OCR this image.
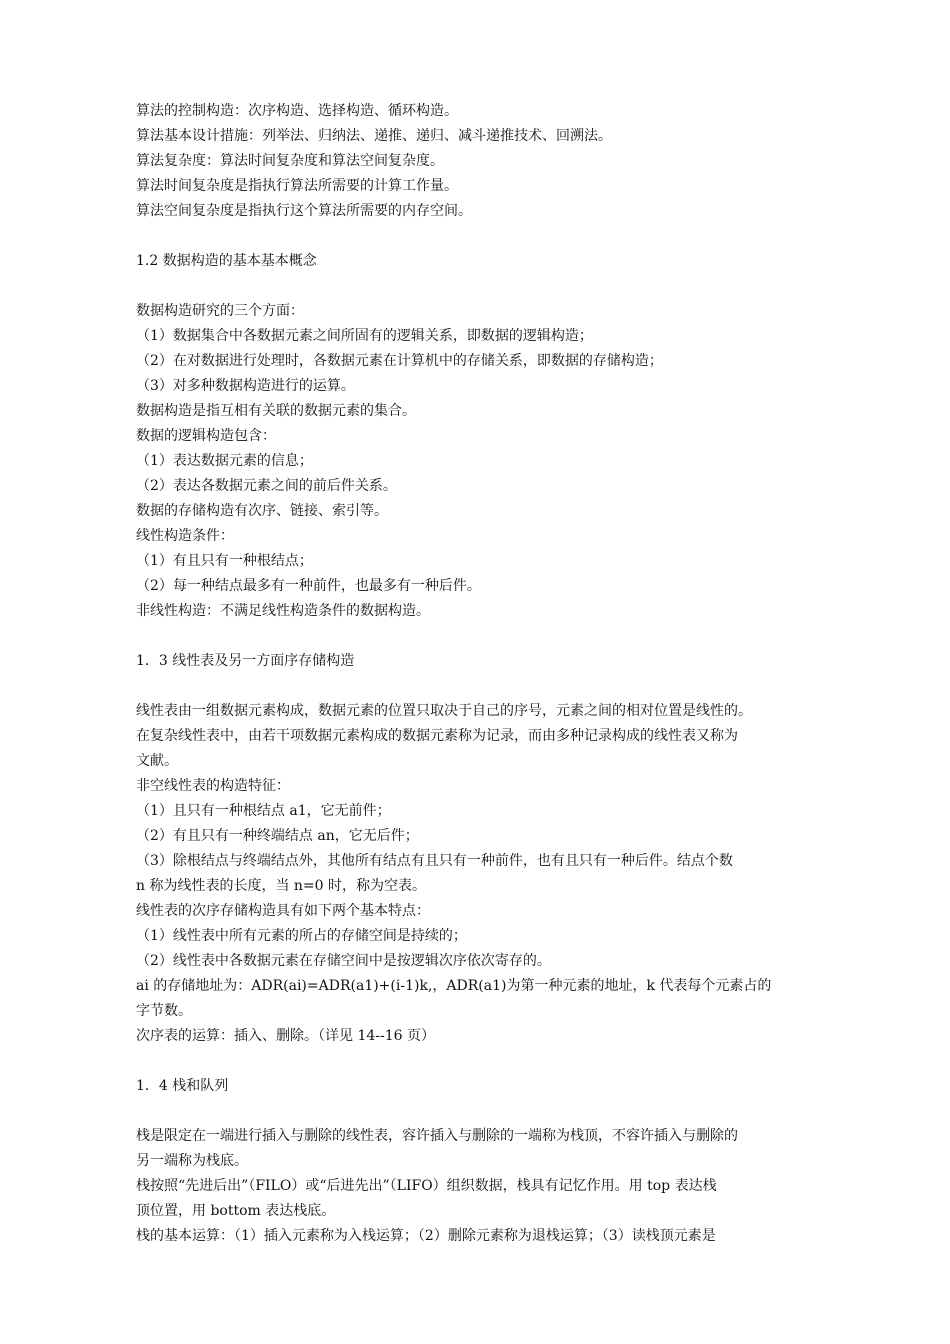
算法的控制构造：次序构造、选择构造、循环构造。
算法基本设计措施：列举法、归纳法、递推、递归、减斗递推技术、回溯法。
算法复杂度：算法时间复杂度和算法空间复杂度。
算法时间复杂度是指执行算法所需要的计算工作量。
算法空间复杂度是指执行这个算法所需要的内存空间。
1.2 数据构造的基本基本概念
数据构造研究的三个方面：
（1）数据集合中各数据元素之间所固有的逻辑关系，即数据的逻辑构造；
（2）在对数据进行处理时，各数据元素在计算机中的存储关系，即数据的存储构造；
（3）对多种数据构造进行的运算。
数据构造是指互相有关联的数据元素的集合。
数据的逻辑构造包含：
（1）表达数据元素的信息；
（2）表达各数据元素之间的前后件关系。
数据的存储构造有次序、链接、索引等。
线性构造条件：
（1）有且只有一种根结点；
（2）每一种结点最多有一种前件，也最多有一种后件。
非线性构造：不满足线性构造条件的数据构造。
1．3 线性表及另一方面序存储构造
线性表由一组数据元素构成，数据元素的位置只取决于自己的序号，元素之间的相对位置是线性的。
在复杂线性表中，由若干项数据元素构成的数据元素称为记录，而由多种记录构成的线性表又称为
文献。
非空线性表的构造特征：
（1）且只有一种根结点 a1，它无前件；
（2）有且只有一种终端结点 an，它无后件；
（3）除根结点与终端结点外，其他所有结点有且只有一种前件，也有且只有一种后件。结点个数
n 称为线性表的长度，当 n=0 时，称为空表。
线性表的次序存储构造具有如下两个基本特点：
（1）线性表中所有元素的所占的存储空间是持续的；
（2）线性表中各数据元素在存储空间中是按逻辑次序依次寄存的。
ai 的存储地址为：ADR(ai)=ADR(a1)+(i-1)k,，ADR(a1)为第一种元素的地址，k 代表每个元素占的
字节数。
次序表的运算：插入、删除。（详见 14--16 页）
1．4 栈和队列
栈是限定在一端进行插入与删除的线性表，容许插入与删除的一端称为栈顶，不容许插入与删除的
另一端称为栈底。
栈按照“先进后出”（FILO）或“后进先出”（LIFO）组织数据，栈具有记忆作用。用 top 表达栈
顶位置，用 bottom 表达栈底。
栈的基本运算：（1）插入元素称为入栈运算；（2）删除元素称为退栈运算；（3）读栈顶元素是
